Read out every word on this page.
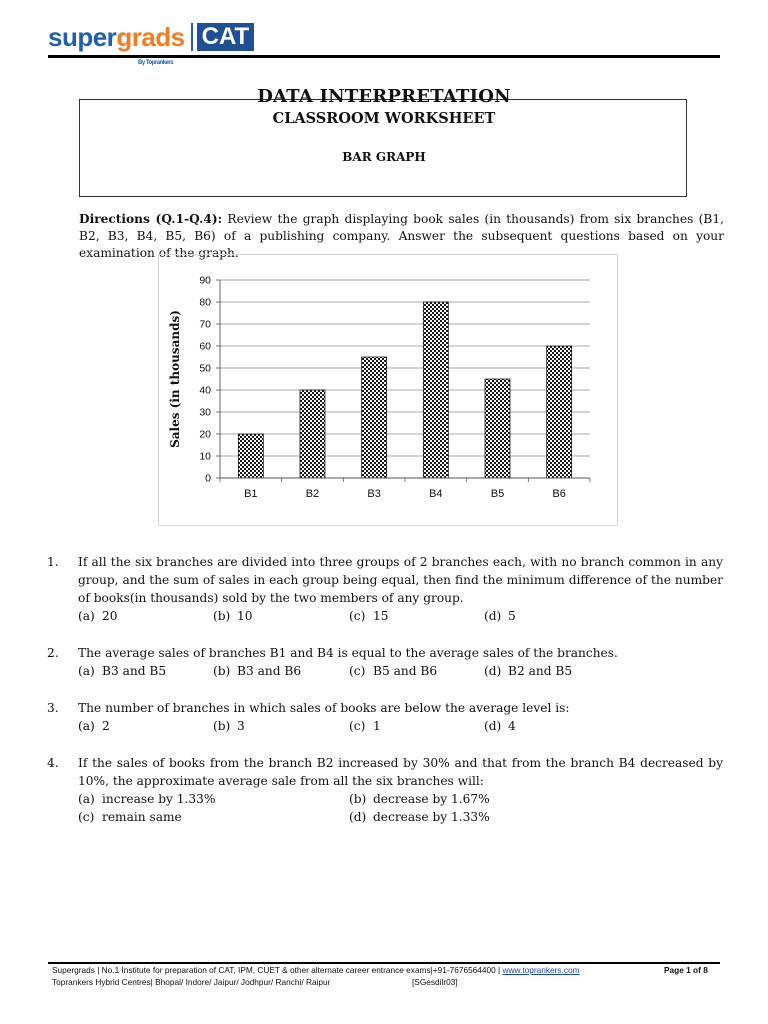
supergrads
By Toprankers
CAT
DATA INTERPRETATION
CLASSROOM WORKSHEET
BAR GRAPH
Directions (Q.1-Q.4): Review the graph displaying book sales (in thousands) from six branches (B1, B2, B3, B4, B5, B6) of a publishing company. Answer the subsequent questions based on your examination of the graph.
0
10
20
30
40
50
60
70
80
90
B1	B2	B3	B4	B5	B6
Sales (in thousands)
1. If all the six branches are divided into three groups of 2 branches each, with no branch common in any group, and the sum of sales in each group being equal, then find the minimum difference of the number of books(in thousands) sold by the two members of any group.
(a) 20	(b) 10	(c) 15	(d) 5
2. The average sales of branches B1 and B4 is equal to the average sales of the branches.
(a) B3 and B5	(b) B3 and B6	(c) B5 and B6	(d) B2 and B5
3. The number of branches in which sales of books are below the average level is:
(a) 2	(b) 3	(c) 1	(d) 4
4. If the sales of books from the branch B2 increased by 30% and that from the branch B4 decreased by 10%, the approximate average sale from all the six branches will:
(a) increase by 1.33%	(b) decrease by 1.67%
(c) remain same	(d) decrease by 1.33%
Supergrads | No.1 Institute for preparation of CAT, IPM, CUET & other alternate career entrance exams|+91-7676564400 | www.toprankers.com	Page 1 of 8
Toprankers Hybrid Centres| Bhopal/ Indore/ Jaipur/ Jodhpur/ Ranchi/ Raipur	[SGesdilr03]
